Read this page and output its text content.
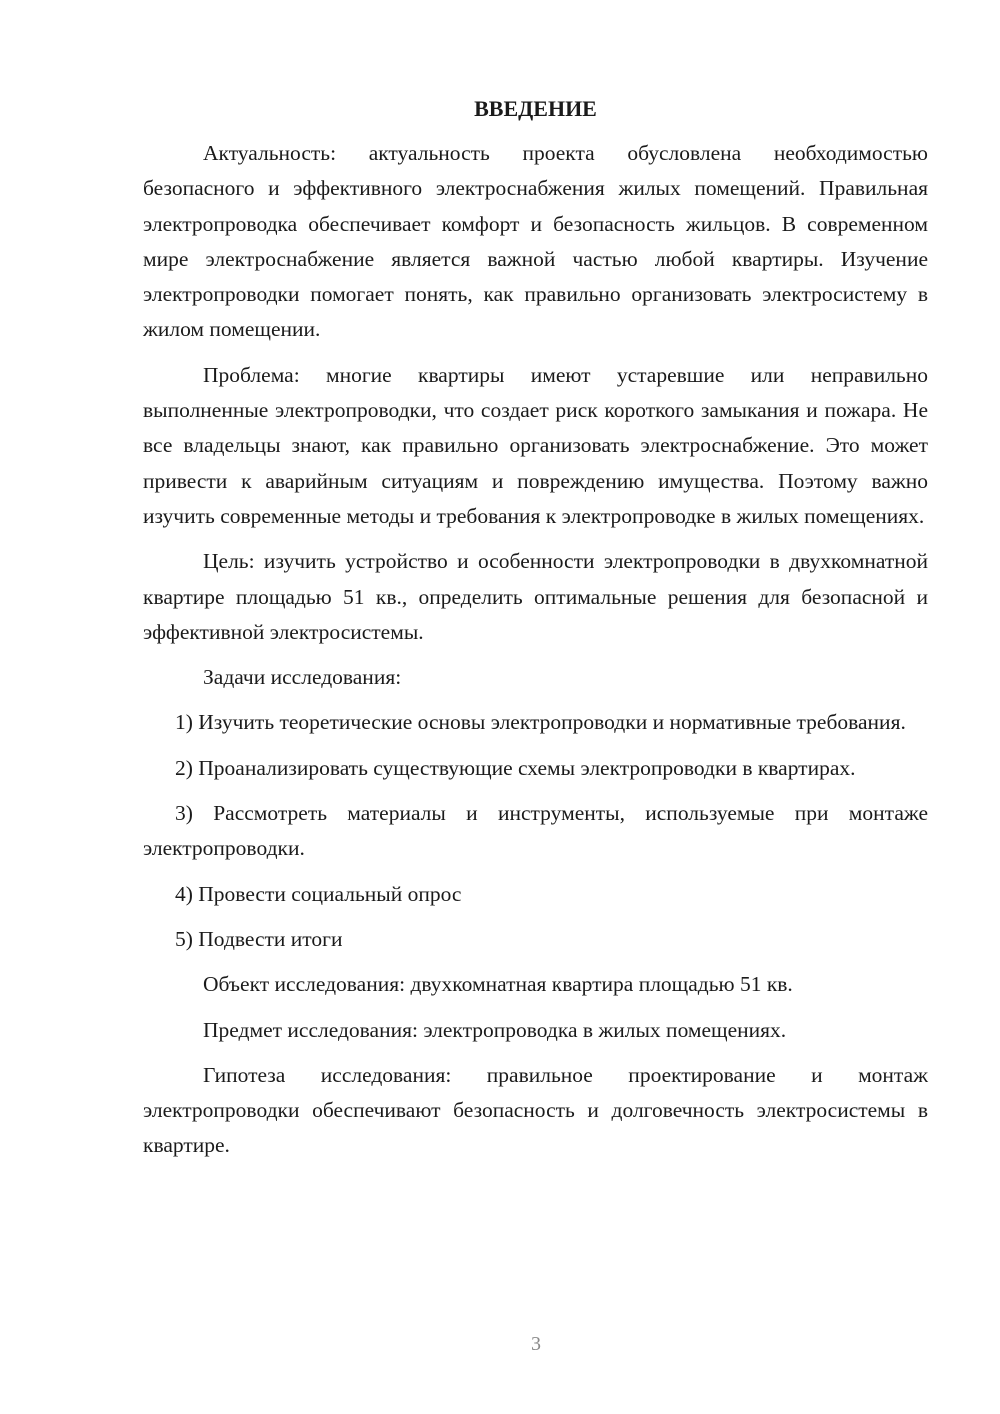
ВВЕДЕНИЕ

Актуальность: актуальность проекта обусловлена необходимостью безопасного и эффективного электроснабжения жилых помещений. Правильная электропроводка обеспечивает комфорт и безопасность жильцов. В современном мире электроснабжение является важной частью любой квартиры. Изучение электропроводки помогает понять, как правильно организовать электросистему в жилом помещении.

Проблема: многие квартиры имеют устаревшие или неправильно выполненные электропроводки, что создает риск короткого замыкания и пожара. Не все владельцы знают, как правильно организовать электроснабжение. Это может привести к аварийным ситуациям и повреждению имущества. Поэтому важно изучить современные методы и требования к электропроводке в жилых помещениях.

Цель: изучить устройство и особенности электропроводки в двухкомнатной квартире площадью 51 кв., определить оптимальные решения для безопасной и эффективной электросистемы.

Задачи исследования:

1) Изучить теоретические основы электропроводки и нормативные требования.

2) Проанализировать существующие схемы электропроводки в квартирах.

3) Рассмотреть материалы и инструменты, используемые при монтаже электропроводки.

4) Провести социальный опрос

5) Подвести итоги

Объект исследования: двухкомнатная квартира площадью 51 кв.

Предмет исследования: электропроводка в жилых помещениях.

Гипотеза исследования: правильное проектирование и монтаж электропроводки обеспечивают безопасность и долговечность электросистемы в квартире.

3
